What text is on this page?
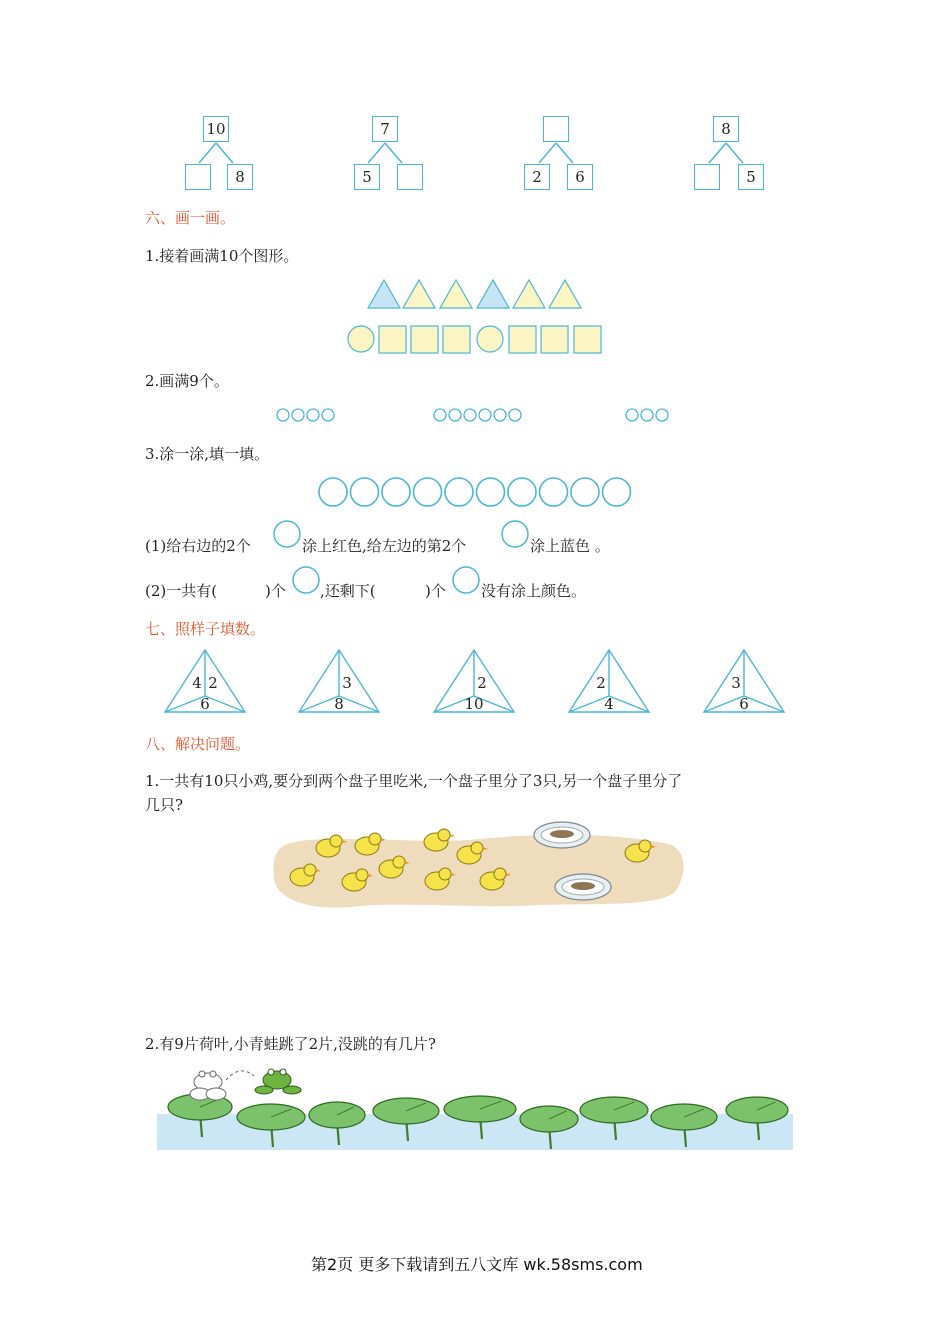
10
8
7
5	2	6
8
5
六、画一画。
1.接着画满10个图形。
2.画满9个。
3.涂一涂,填一填。
(1)给右边的2个	涂上红色,给左边的第2个	涂上蓝色 。
(2)一共有(	)个 ,还剩下(	)个 没有涂上颜色。
七、照样子填数。
4 2
6
3
8
2
10
2
4
3
6
八、解决问题。
1.一共有10只小鸡,要分到两个盘子里吃米,一个盘子里分了3只,另一个盘子里分了
几只?
2.有9片荷叶,小青蛙跳了2片,没跳的有几片?
第2页 更多下载请到五八文库 wk.58sms.com
